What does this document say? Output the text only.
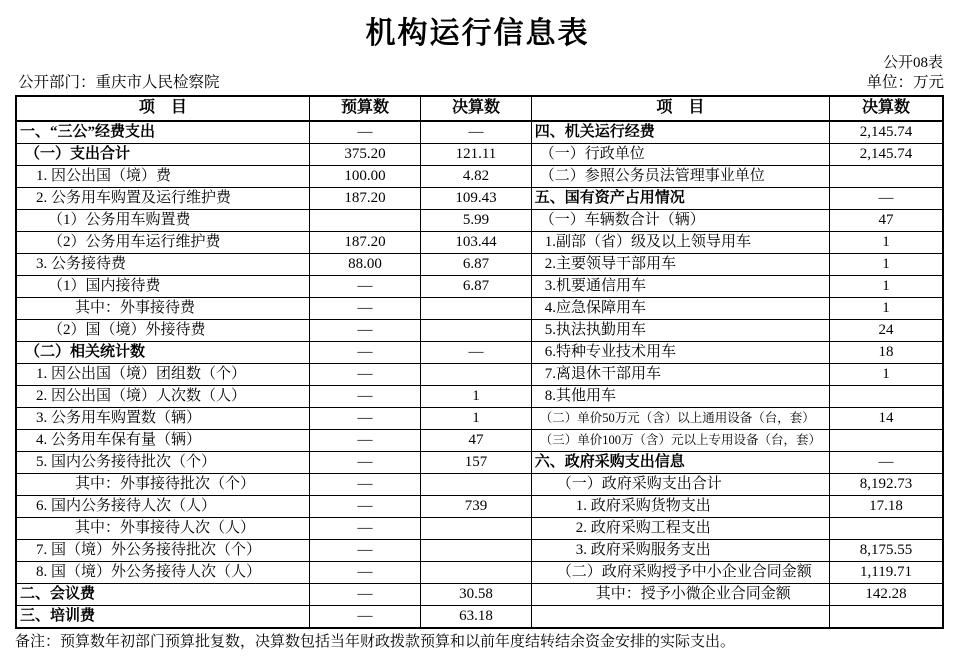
机构运行信息表
公开08表
公开部门：重庆市人民检察院	单位：万元
项　目	预算数	决算数	项　目	决算数
一、“三公”经费支出	—	—	四、机关运行经费	2,145.74
（一）支出合计	375.20	121.11	（一）行政单位	2,145.74
1. 因公出国（境）费	100.00	4.82	（二）参照公务员法管理事业单位	
2. 公务用车购置及运行维护费	187.20	109.43	五、国有资产占用情况	—
（1）公务用车购置费		5.99	（一）车辆数合计（辆）	47
（2）公务用车运行维护费	187.20	103.44	1.副部（省）级及以上领导用车	1
3. 公务接待费	88.00	6.87	2.主要领导干部用车	1
（1）国内接待费	—	6.87	3.机要通信用车	1
其中：外事接待费	—		4.应急保障用车	1
（2）国（境）外接待费	—		5.执法执勤用车	24
（二）相关统计数	—	—	6.特种专业技术用车	18
1. 因公出国（境）团组数（个）	—		7.离退休干部用车	1
2. 因公出国（境）人次数（人）	—	1	8.其他用车	
3. 公务用车购置数（辆）	—	1	（二）单价50万元（含）以上通用设备（台，套）	14
4. 公务用车保有量（辆）	—	47	（三）单价100万（含）元以上专用设备（台，套）	
5. 国内公务接待批次（个）	—	157	六、政府采购支出信息	—
其中：外事接待批次（个）	—		（一）政府采购支出合计	8,192.73
6. 国内公务接待人次（人）	—	739	1. 政府采购货物支出	17.18
其中：外事接待人次（人）	—		2. 政府采购工程支出	
7. 国（境）外公务接待批次（个）	—		3. 政府采购服务支出	8,175.55
8. 国（境）外公务接待人次（人）	—		（二）政府采购授予中小企业合同金额	1,119.71
二、会议费	—	30.58	其中：授予小微企业合同金额	142.28
三、培训费	—	63.18		
备注：预算数年初部门预算批复数，决算数包括当年财政拨款预算和以前年度结转结余资金安排的实际支出。
